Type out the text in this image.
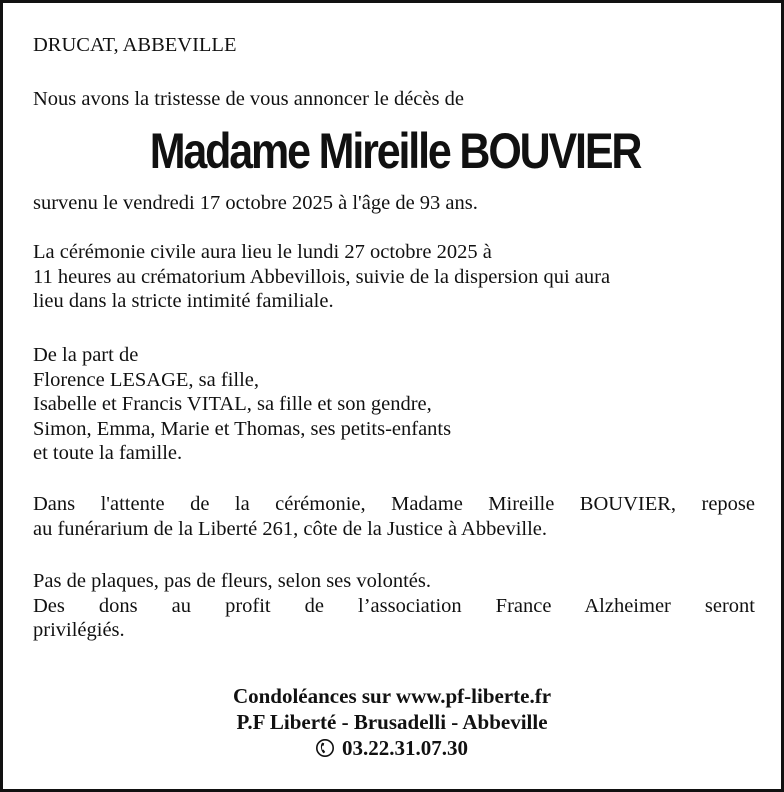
DRUCAT, ABBEVILLE
Nous avons la tristesse de vous annoncer le décès de
Madame Mireille BOUVIER
survenu le vendredi 17 octobre 2025 à l'âge de 93 ans.
La cérémonie civile aura lieu le lundi 27 octobre 2025 à
11 heures au crématorium Abbevillois, suivie de la dispersion qui aura
lieu dans la stricte intimité familiale.
De la part de
Florence LESAGE, sa fille,
Isabelle et Francis VITAL, sa fille et son gendre,
Simon, Emma, Marie et Thomas, ses petits-enfants
et toute la famille.
Dans l'attente de la cérémonie, Madame Mireille BOUVIER, repose
au funérarium de la Liberté 261, côte de la Justice à Abbeville.
Pas de plaques, pas de fleurs, selon ses volontés.
Des dons au profit de l’association France Alzheimer seront
privilégiés.
Condoléances sur www.pf-liberte.fr
P.F Liberté - Brusadelli - Abbeville
03.22.31.07.30
